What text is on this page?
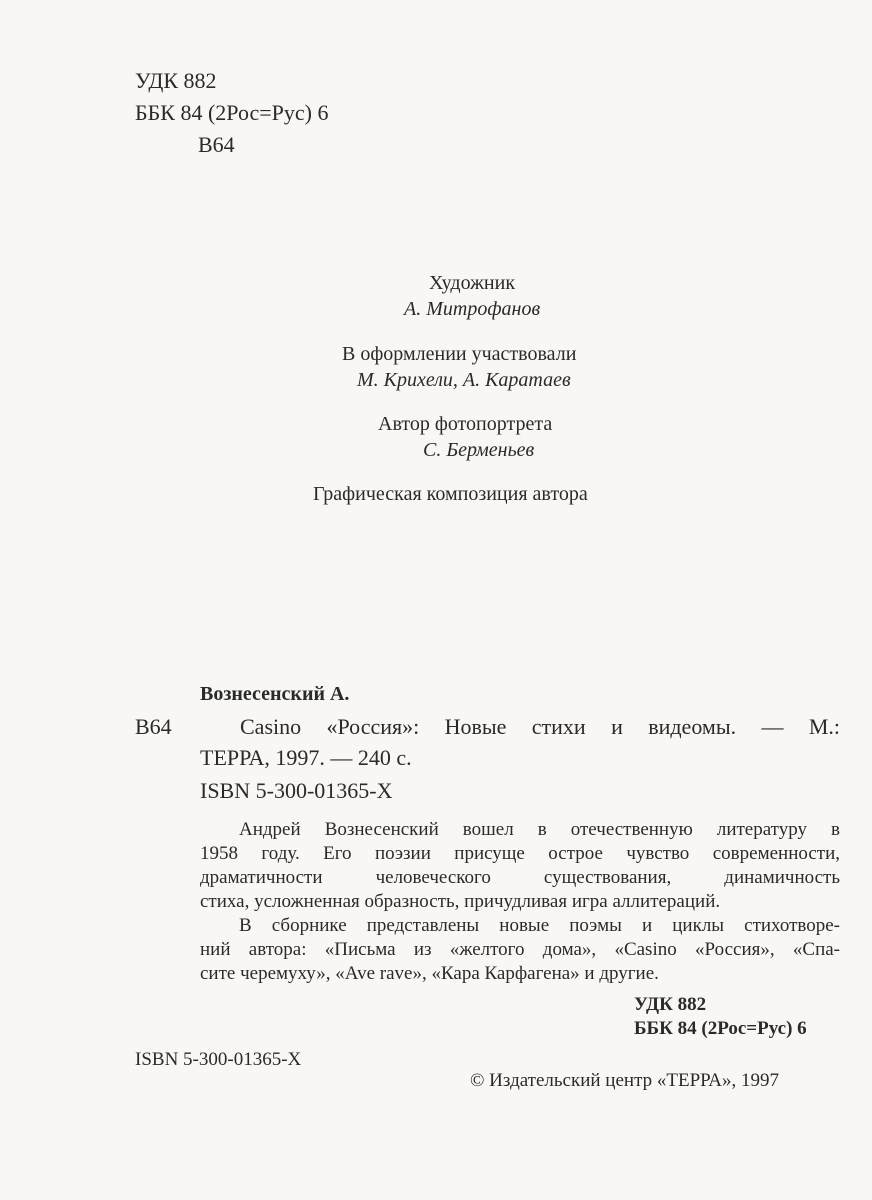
УДК 882
ББК 84 (2Рос=Рус) 6
В64
Художник
А. Митрофанов
В оформлении участвовали
М. Крихели, А. Каратаев
Автор фотопортрета
С. Берменьев
Графическая композиция автора
Вознесенский А.
В64	Casino «Россия»: Новые стихи и видеомы. — М.:
ТЕРРА, 1997. — 240 с.
ISBN 5-300-01365-X
Андрей Вознесенский вошел в отечественную литературу в
1958 году. Его поэзии присуще острое чувство современности,
драматичности человеческого существования, динамичность
стиха, усложненная образность, причудливая игра аллитераций.
В сборнике представлены новые поэмы и циклы стихотворе-
ний автора: «Письма из «желтого дома», «Casino «Россия», «Спа-
сите черемуху», «Ave rave», «Кара Карфагена» и другие.
УДК 882
ББК 84 (2Рос=Рус) 6
ISBN 5-300-01365-X
© Издательский центр «ТЕРРА», 1997
